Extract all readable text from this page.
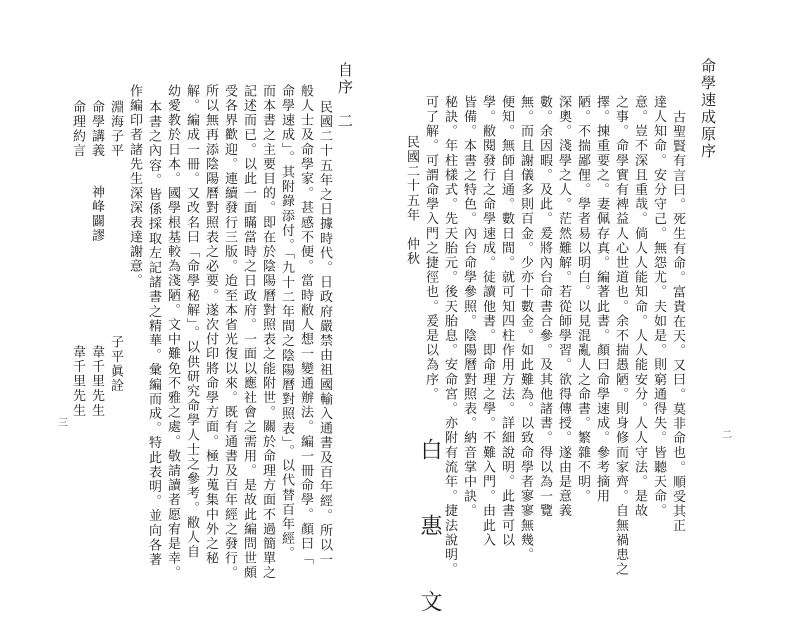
命學速成原序
古聖賢有言曰。死生有命。富貴在天。又曰。莫非命也。順受其正
達人知命。安分守己。無怨尤。夫如是。則窮通得失。皆聽天命。
意。豈不深且重哉。倘人人能知命。人人能安分。人人守法。是故
之事。命學實有裨益人心世道也。余不揣愚陋。則身修而家齊。自無禍患之
擇。揀重要之。妻佩存真。編著此書。顏曰命學速成。參考摘用
陋。不揣鄙俚。學者易以明白。以見混亂人之命書。繁雜不明。
深奧。淺學之人。茫然難解。若從師學習。欲得傳授。遂由是意義
數。余因暇。及此。爰將內台命書合參。及其他諸書。得以為一覽
無。而且謝儀多則百金。少亦十數金。如此難為。以致命學者寥寥無幾。
便知。無師自通。數日間。就可知四柱作用方法。詳細說明。此書可以
學。敝閱發行之命學速成。徒讀他書。即命理之學。不難入門。由此入
皆備。本書之特色。內台命學參照。陰陽曆對照表。納音掌中訣。
秘訣。年柱樣式。先天胎元。後天胎息。安命宮。亦附有流年。捷法說明。
可了解。可謂命學入門之捷徑也。爰是以為序。
民國二十五年　仲秋
白　惠　文
二
自序　二
民國二十五年之日據時代。日政府嚴禁由祖國輸入通書及百年經。所以一
般人士及命學家。甚感不便。當時敝人想一變通辦法。編一冊命學。顏曰「
命學速成」。其附錄添付。「九十二年間之陰陽曆對照表」。以代替百年經。
而本書之主要目的。即在於陰陽曆對照表之能附世。關於命理方面不過簡單之
記述而已。以此一面瞞當時之日政府。一面以應社會之需用。是故此編問世頗
受各界歡迎。連續發行三版。迨至本省光復以來。既有通書及百年經之發行。
所以無再添陰陽曆對照表之必要。遂次付印將命學方面。極力蒐集中外之秘
解。編成一冊。又改名曰「命學秘解」。以供研究命學人士之參考。敝人自
幼愛教於日本。國學根基較為淺陋。文中難免不雅之處。敬請讀者愿宥是幸。
本書之內容。皆係採取左記諸書之精華。彙編而成。特此表明。並向各著
作編印者諸先生深深表達謝意。
淵海子平
命學講義
命理約言
子平眞詮
神峰闢謬
韋千里先生
韋千里先生
三
